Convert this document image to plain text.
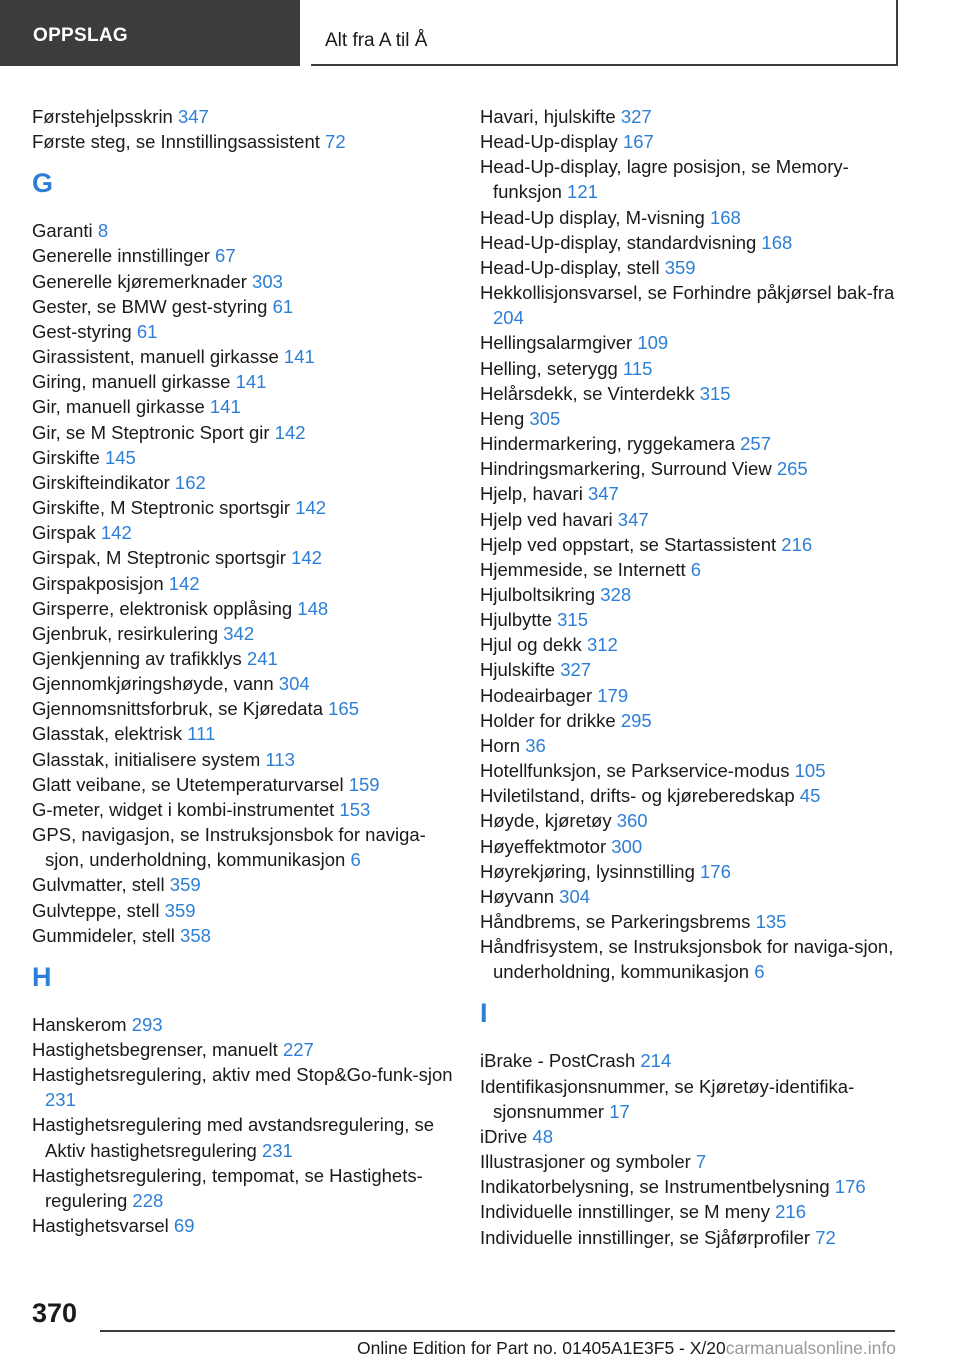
OPPSLAG	Alt fra A til Å
Førstehjelpsskrin 347
Første steg, se Innstillingsassistent 72
G
Garanti 8
Generelle innstillinger 67
Generelle kjøremerknader 303
Gester, se BMW gest-styring 61
Gest-styring 61
Girassistent, manuell girkasse 141
Giring, manuell girkasse 141
Gir, manuell girkasse 141
Gir, se M Steptronic Sport gir 142
Girskifte 145
Girskifteindikator 162
Girskifte, M Steptronic sportsgir 142
Girspak 142
Girspak, M Steptronic sportsgir 142
Girspakposisjon 142
Girsperre, elektronisk opplåsing 148
Gjenbruk, resirkulering 342
Gjenkjenning av trafikklys 241
Gjennomkjøringshøyde, vann 304
Gjennomsnittsforbruk, se Kjøredata 165
Glasstak, elektrisk 111
Glasstak, initialisere system 113
Glatt veibane, se Utetemperaturvarsel 159
G-meter, widget i kombi-instrumentet 153
GPS, navigasjon, se Instruksjonsbok for naviga-sjon, underholdning, kommunikasjon 6
Gulvmatter, stell 359
Gulvteppe, stell 359
Gummideler, stell 358
H
Hanskerom 293
Hastighetsbegrenser, manuelt 227
Hastighetsregulering, aktiv med Stop&Go-funk-sjon 231
Hastighetsregulering med avstandsregulering, se Aktiv hastighetsregulering 231
Hastighetsregulering, tempomat, se Hastighets-regulering 228
Hastighetsvarsel 69
Havari, hjulskifte 327
Head-Up-display 167
Head-Up-display, lagre posisjon, se Memory-funksjon 121
Head-Up display, M-visning 168
Head-Up-display, standardvisning 168
Head-Up-display, stell 359
Hekkollisjonsvarsel, se Forhindre påkjørsel bak-fra 204
Hellingsalarmgiver 109
Helling, seterygg 115
Helårsdekk, se Vinterdekk 315
Heng 305
Hindermarkering, ryggekamera 257
Hindringsmarkering, Surround View 265
Hjelp, havari 347
Hjelp ved havari 347
Hjelp ved oppstart, se Startassistent 216
Hjemmeside, se Internett 6
Hjulboltsikring 328
Hjulbytte 315
Hjul og dekk 312
Hjulskifte 327
Hodeairbager 179
Holder for drikke 295
Horn 36
Hotellfunksjon, se Parkservice-modus 105
Hviletilstand, drifts- og kjøreberedskap 45
Høyde, kjøretøy 360
Høyeffektmotor 300
Høyrekjøring, lysinnstilling 176
Høyvann 304
Håndbrems, se Parkeringsbrems 135
Håndfrisystem, se Instruksjonsbok for naviga-sjon, underholdning, kommunikasjon 6
I
iBrake - PostCrash 214
Identifikasjonsnummer, se Kjøretøy-identifika-sjonsnummer 17
iDrive 48
Illustrasjoner og symboler 7
Indikatorbelysning, se Instrumentbelysning 176
Individuelle innstillinger, se M meny 216
Individuelle innstillinger, se Sjåførprofiler 72
370
Online Edition for Part no. 01405A1E3F5 - X/20carmanualsonline.info
